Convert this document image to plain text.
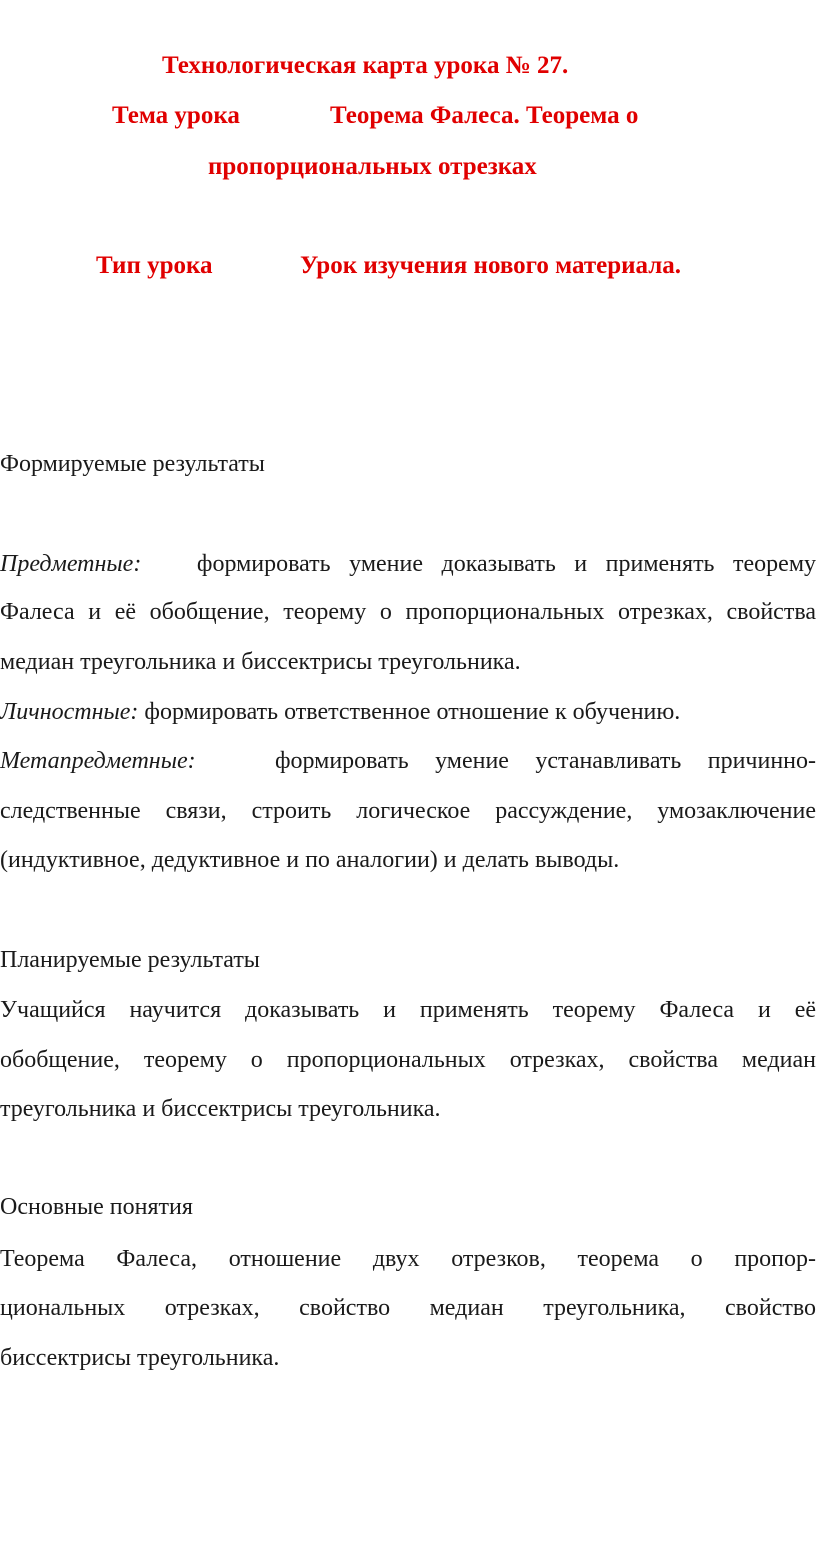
Технологическая карта урока № 27.
Тема урока	Теорема Фалеса. Теорема о
пропорциональных отрезках
Тип урока	Урок изучения нового материала.
Формируемые результаты
Предметные: формировать умение доказывать и применять теорему
Фалеса и её обобщение, теорему о пропорциональных отрезках, свойства
медиан треугольника и биссектрисы треугольника.
Личностные: формировать ответственное отношение к обучению.
Метапредметные:	формировать умение устанавливать причинно-
следственные связи, строить логическое рассуждение, умозаключение
(индуктивное, дедуктивное и по аналогии) и делать выводы.
Планируемые результаты
Учащийся научится доказывать и применять теорему Фалеса и её
обобщение, теорему о пропорциональных отрезках, свойства медиан
треугольника и биссектрисы треугольника.
Основные понятия
Теорема Фалеса, отношение двух отрезков, теорема о пропор-
циональных отрезках, свойство медиан треугольника, свойство
биссектрисы треугольника.
